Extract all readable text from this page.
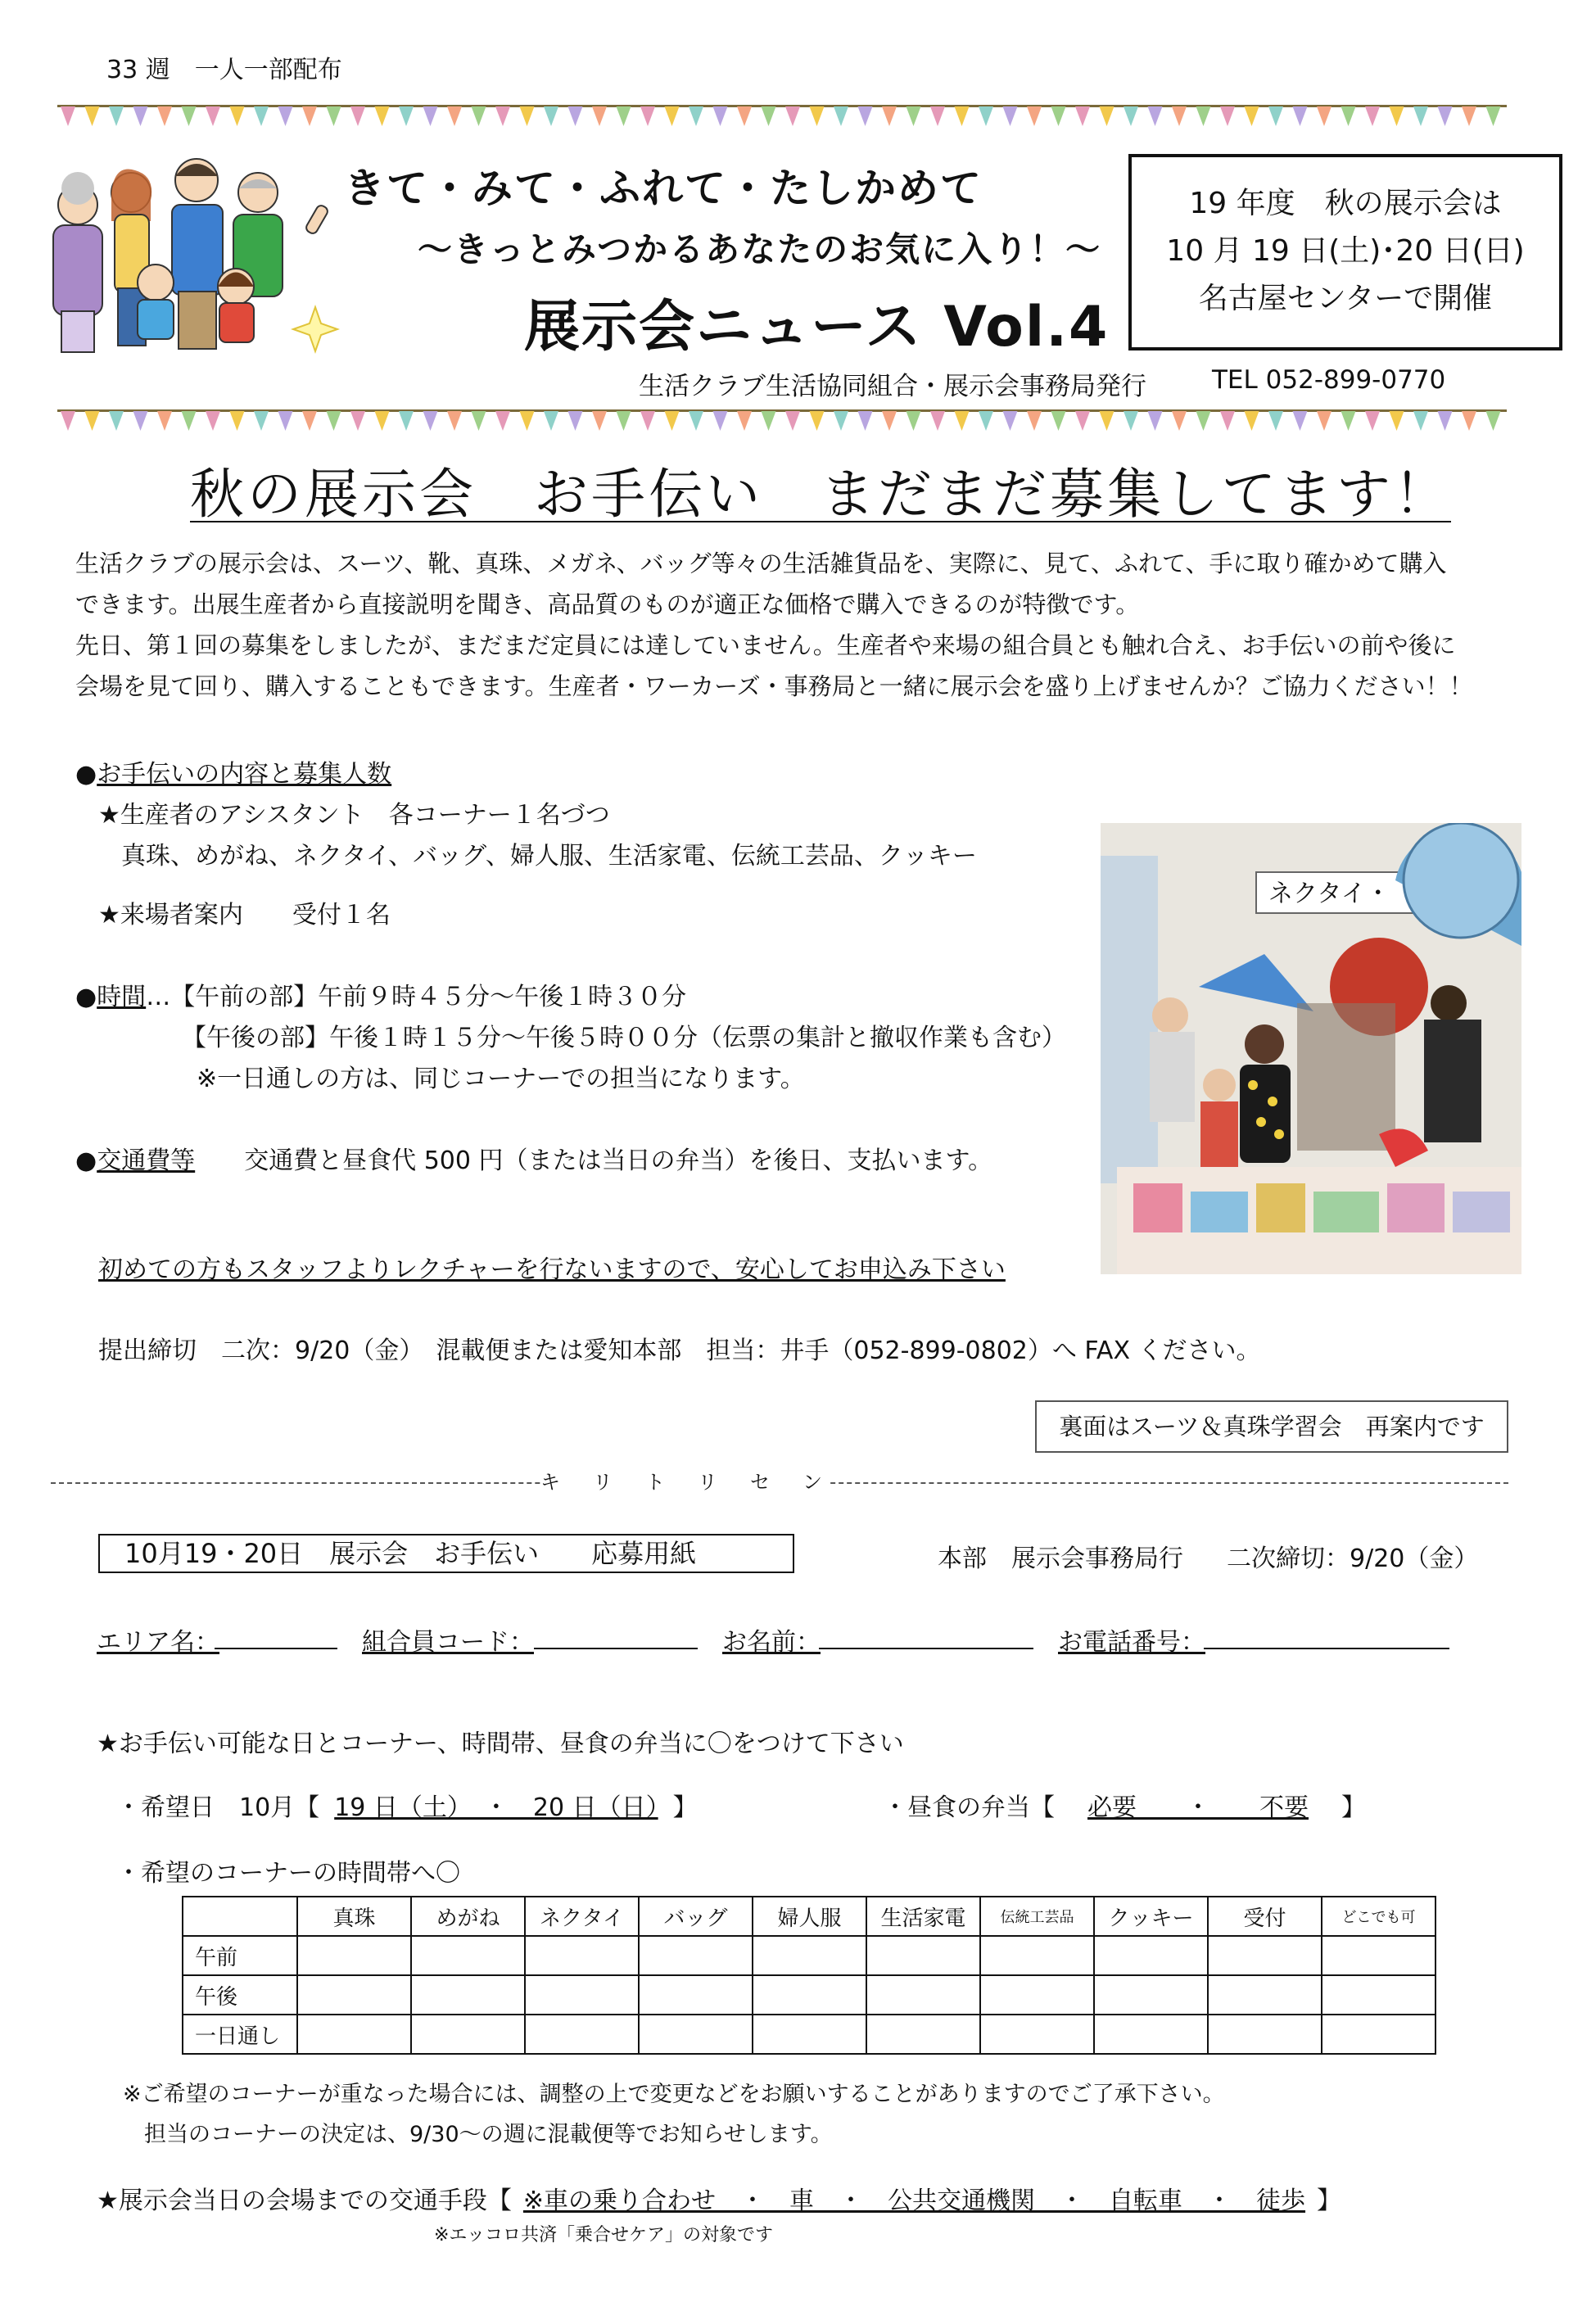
33 週　一人一部配布
きて・みて・ふれて・たしかめて
～きっとみつかるあなたのお気に入り！～
展示会ニュース Vol.4
19 年度　秋の展示会は
10 月 19 日(土)･20 日(日)
名古屋センターで開催
生活クラブ生活協同組合・展示会事務局発行	TEL 052-899-0770
秋の展示会　お手伝い　まだまだ募集してます！
生活クラブの展示会は、スーツ、靴、真珠、メガネ、バッグ等々の生活雑貨品を、実際に、見て、ふれて、手に取り確かめて購入
できます。出展生産者から直接説明を聞き、高品質のものが適正な価格で購入できるのが特徴です。
先日、第１回の募集をしましたが、まだまだ定員には達していません。生産者や来場の組合員とも触れ合え、お手伝いの前や後に
会場を見て回り、購入することもできます。生産者・ワーカーズ・事務局と一緒に展示会を盛り上げませんか？ご協力ください！！
●お手伝いの内容と募集人数
★生産者のアシスタント　各コーナー１名づつ
真珠、めがね、ネクタイ、バッグ、婦人服、生活家電、伝統工芸品、クッキー
★来場者案内　　受付１名
●時間…【午前の部】午前９時４５分～午後１時３０分
【午後の部】午後１時１５分～午後５時００分（伝票の集計と撤収作業も含む）
※一日通しの方は、同じコーナーでの担当になります。
●交通費等　　 交通費と昼食代 500 円（または当日の弁当）を後日、支払います。
初めての方もスタッフよりレクチャーを行ないますので、安心してお申込み下さい
提出締切　二次：9/20（金）　混載便または愛知本部　担当：井手（052-899-0802）へ FAX ください。
ネクタイ・
裏面はスーツ＆真珠学習会　再案内です
キ　リ　ト　リ　セ　ン
10月19・20日　展示会　お手伝い　　応募用紙	本部　展示会事務局行 二次締切：9/20（金）
エリア名：	組合員コード：	お名前：	お電話番号：
★お手伝い可能な日とコーナー、時間帯、昼食の弁当に〇をつけて下さい
・希望日　10月【 19 日（土）　・　20 日（日） 】	・昼食の弁当【 必要　　・　　不要 】
・希望のコーナーの時間帯へ〇
	真珠	めがね	ネクタイ	バッグ	婦人服	生活家電	伝統工芸品	クッキー	受付	どこでも可
午前										
午後										
一日通し										
※ご希望のコーナーが重なった場合には、調整の上で変更などをお願いすることがありますのでご了承下さい。
担当のコーナーの決定は、9/30～の週に混載便等でお知らせします。
★展示会当日の会場までの交通手段【 ※車の乗り合わせ　・　車　・　公共交通機関　・　自転車　・　徒歩 】
※エッコロ共済「乗合せケア」の対象です
